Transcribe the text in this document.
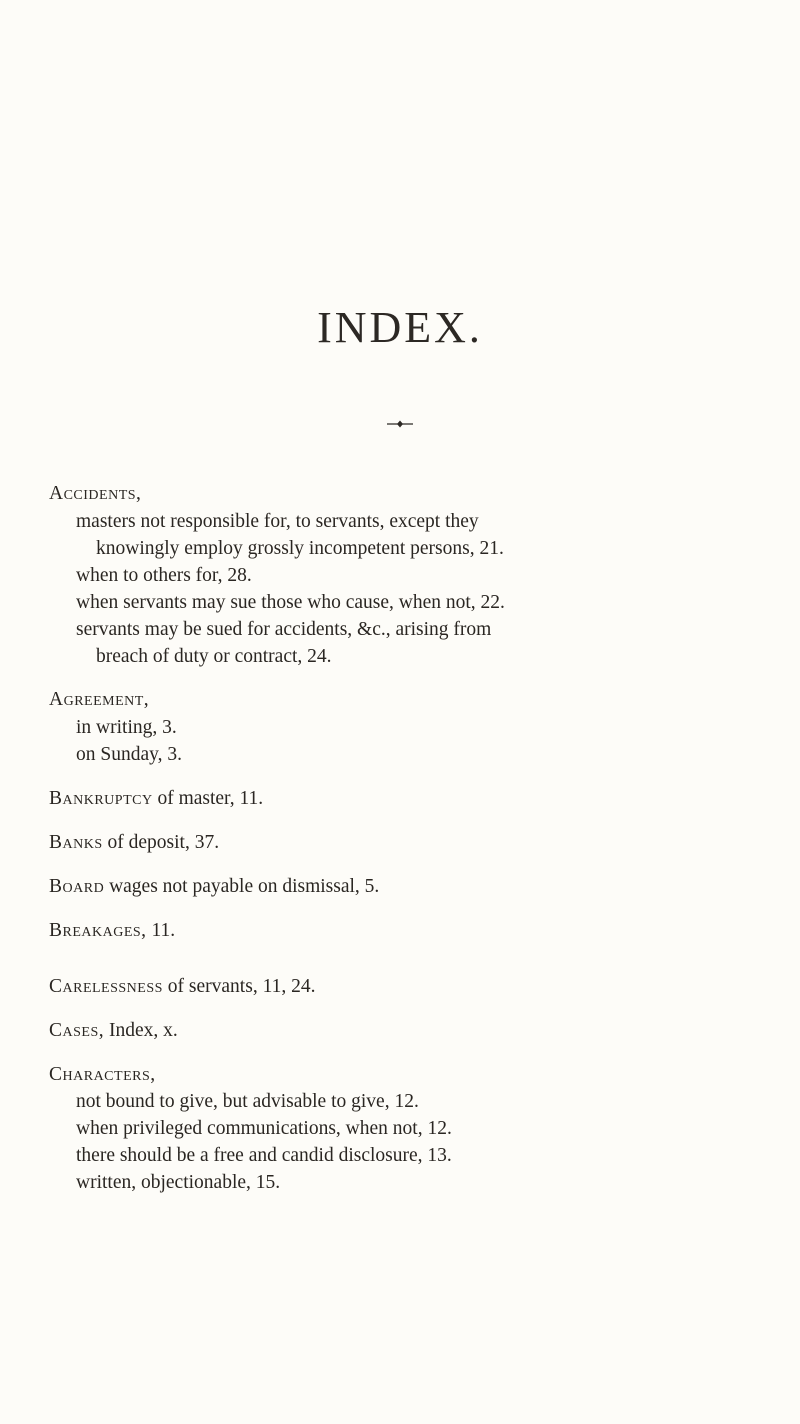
INDEX.
Accidents,
masters not responsible for, to servants, except they
knowingly employ grossly incompetent persons, 21.
when to others for, 28.
when servants may sue those who cause, when not, 22.
servants may be sued for accidents, &c., arising from
breach of duty or contract, 24.
Agreement,
in writing, 3.
on Sunday, 3.
Bankruptcy of master, 11.
Banks of deposit, 37.
Board wages not payable on dismissal, 5.
Breakages, 11.
Carelessness of servants, 11, 24.
Cases, Index, x.
Characters,
not bound to give, but advisable to give, 12.
when privileged communications, when not, 12.
there should be a free and candid disclosure, 13.
written, objectionable, 15.
